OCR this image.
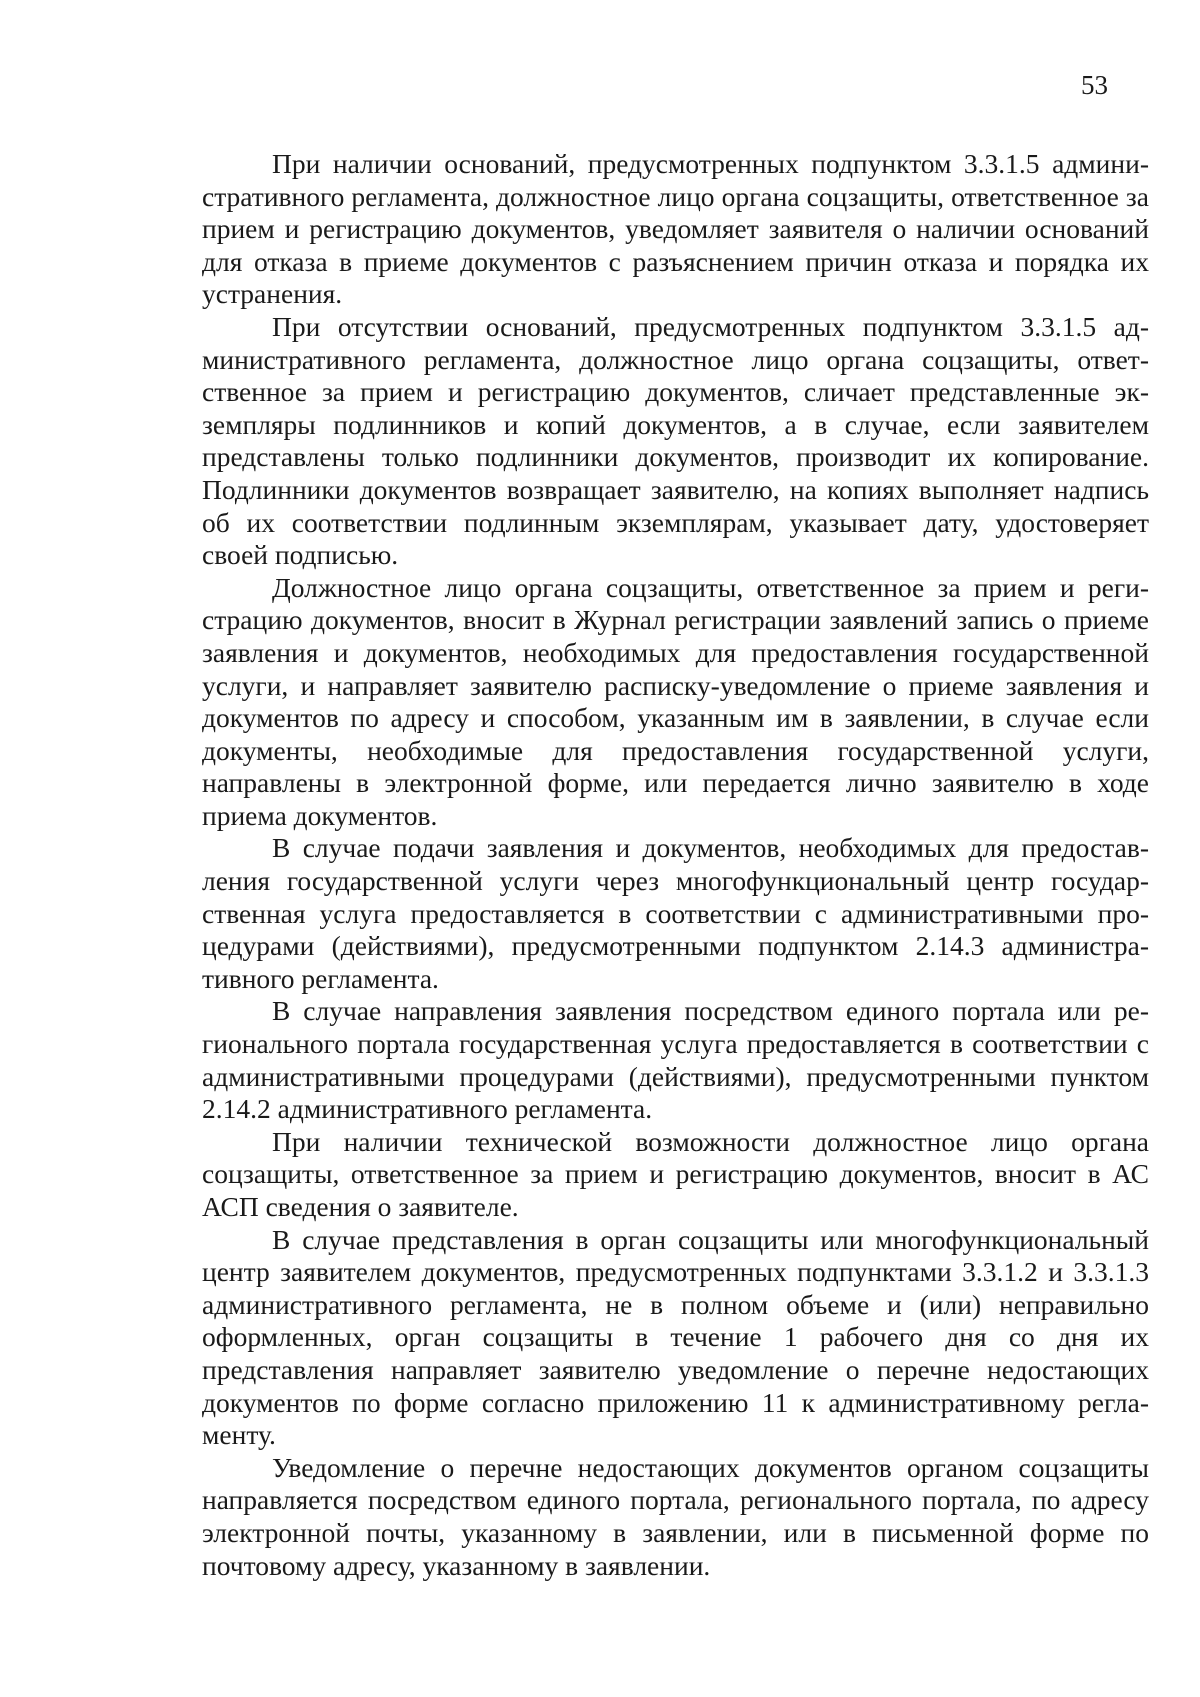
53

При наличии оснований, предусмотренных подпунктом 3.3.1.5 административного регламента, должностное лицо органа соцзащиты, ответственное за прием и регистрацию документов, уведомляет заявителя о наличии оснований для отказа в приеме документов с разъяснением причин отказа и порядка их устранения.

При отсутствии оснований, предусмотренных подпунктом 3.3.1.5 административного регламента, должностное лицо органа соцзащиты, ответственное за прием и регистрацию документов, сличает представленные экземпляры подлинников и копий документов, а в случае, если заявителем представлены только подлинники документов, производит их копирование. Подлинники документов возвращает заявителю, на копиях выполняет надпись об их соответствии подлинным экземплярам, указывает дату, удостоверяет своей подписью.

Должностное лицо органа соцзащиты, ответственное за прием и регистрацию документов, вносит в Журнал регистрации заявлений запись о приеме заявления и документов, необходимых для предоставления государственной услуги, и направляет заявителю расписку-уведомление о приеме заявления и документов по адресу и способом, указанным им в заявлении, в случае если документы, необходимые для предоставления государственной услуги, направлены в электронной форме, или передается лично заявителю в ходе приема документов.

В случае подачи заявления и документов, необходимых для предоставления государственной услуги через многофункциональный центр государственная услуга предоставляется в соответствии с административными процедурами (действиями), предусмотренными подпунктом 2.14.3 административного регламента.

В случае направления заявления посредством единого портала или регионального портала государственная услуга предоставляется в соответствии с административными процедурами (действиями), предусмотренными пунктом 2.14.2 административного регламента.

При наличии технической возможности должностное лицо органа соцзащиты, ответственное за прием и регистрацию документов, вносит в АС АСП сведения о заявителе.

В случае представления в орган соцзащиты или многофункциональный центр заявителем документов, предусмотренных подпунктами 3.3.1.2 и 3.3.1.3 административного регламента, не в полном объеме и (или) неправильно оформленных, орган соцзащиты в течение 1 рабочего дня со дня их представления направляет заявителю уведомление о перечне недостающих документов по форме согласно приложению 11 к административному регламенту.

Уведомление о перечне недостающих документов органом соцзащиты направляется посредством единого портала, регионального портала, по адресу электронной почты, указанному в заявлении, или в письменной форме по почтовому адресу, указанному в заявлении.
